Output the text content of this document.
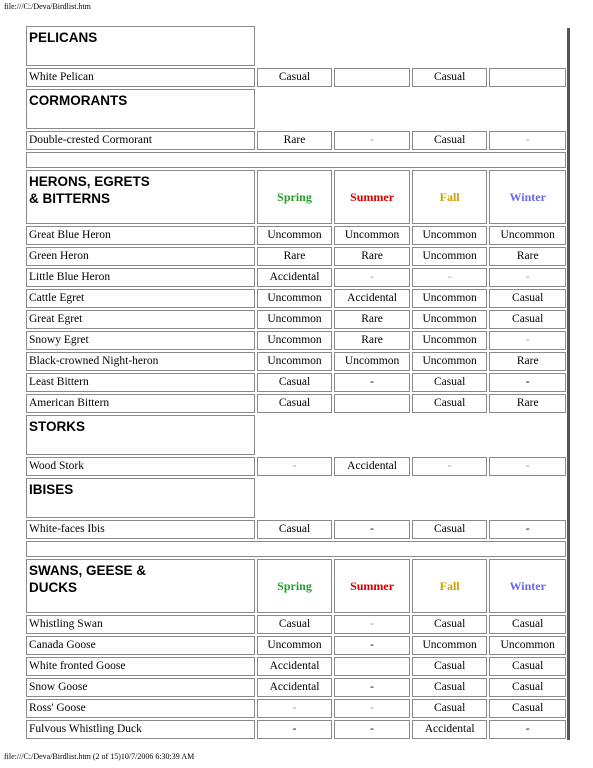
file:///C:/Deva/Birdlist.htm
PELICANS				
White Pelican	Casual		Casual	
CORMORANTS				
Double-crested Cormorant	Rare	-	Casual	-

HERONS, EGRETS
& BITTERNS	Spring	Summer	Fall	Winter
Great Blue Heron	Uncommon	Uncommon	Uncommon	Uncommon
Green Heron	Rare	Rare	Uncommon	Rare
Little Blue Heron	Accidental	-	-	-
Cattle Egret	Uncommon	Accidental	Uncommon	Casual
Great Egret	Uncommon	Rare	Uncommon	Casual
Snowy Egret	Uncommon	Rare	Uncommon	-
Black-crowned Night-heron	Uncommon	Uncommon	Uncommon	Rare
Least Bittern	Casual	-	Casual	-
American Bittern	Casual		Casual	Rare
STORKS				
Wood Stork	-	Accidental	-	-
IBISES				
White-faces Ibis	Casual	-	Casual	-

SWANS, GEESE &
DUCKS	Spring	Summer	Fall	Winter
Whistling Swan	Casual	-	Casual	Casual
Canada Goose	Uncommon	-	Uncommon	Uncommon
White fronted Goose	Accidental		Casual	Casual
Snow Goose	Accidental	-	Casual	Casual
Ross' Goose	-	-	Casual	Casual
Fulvous Whistling Duck	-	-	Accidental	-
file:///C:/Deva/Birdlist.htm (2 of 15)10/7/2006 6:30:39 AM
